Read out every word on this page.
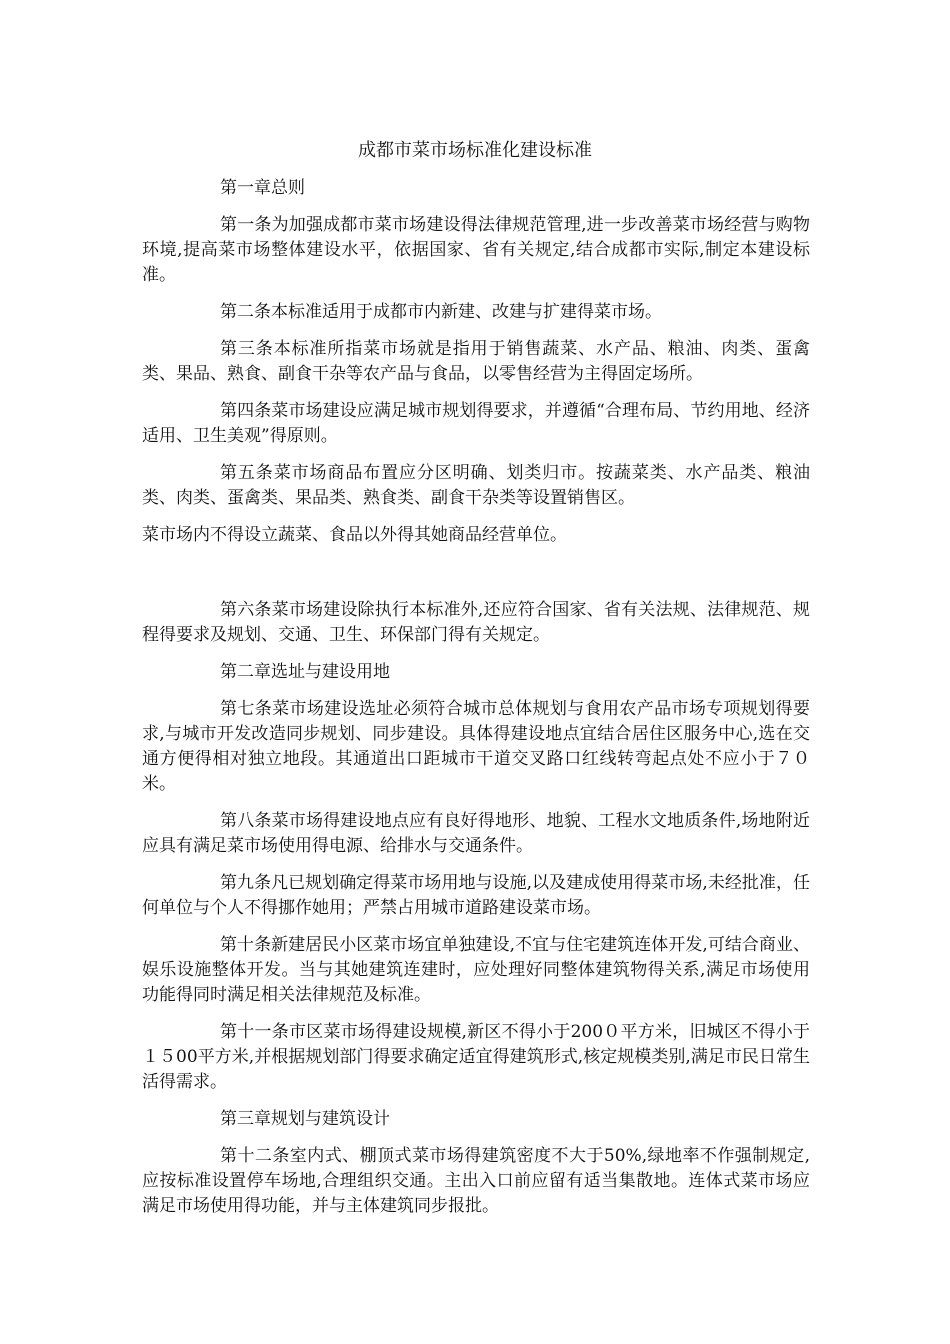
成都市菜市场标准化建设标准

第一章总则

第一条为加强成都市菜市场建设得法律规范管理,进一步改善菜市场经营与购物环境,提高菜市场整体建设水平，依据国家、省有关规定,结合成都市实际,制定本建设标准。

第二条本标准适用于成都市内新建、改建与扩建得菜市场。

第三条本标准所指菜市场就是指用于销售蔬菜、水产品、粮油、肉类、蛋禽类、果品、熟食、副食干杂等农产品与食品，以零售经营为主得固定场所。

第四条菜市场建设应满足城市规划得要求，并遵循“合理布局、节约用地、经济适用、卫生美观”得原则。

第五条菜市场商品布置应分区明确、划类归市。按蔬菜类、水产品类、粮油类、肉类、蛋禽类、果品类、熟食类、副食干杂类等设置销售区。

菜市场内不得设立蔬菜、食品以外得其她商品经营单位。

第六条菜市场建设除执行本标准外,还应符合国家、省有关法规、法律规范、规程得要求及规划、交通、卫生、环保部门得有关规定。

第二章选址与建设用地

第七条菜市场建设选址必须符合城市总体规划与食用农产品市场专项规划得要求,与城市开发改造同步规划、同步建设。具体得建设地点宜结合居住区服务中心,选在交通方便得相对独立地段。其通道出口距城市干道交叉路口红线转弯起点处不应小于７０米。

第八条菜市场得建设地点应有良好得地形、地貌、工程水文地质条件,场地附近应具有满足菜市场使用得电源、给排水与交通条件。

第九条凡已规划确定得菜市场用地与设施,以及建成使用得菜市场,未经批准，任何单位与个人不得挪作她用；严禁占用城市道路建设菜市场。

第十条新建居民小区菜市场宜单独建设,不宜与住宅建筑连体开发,可结合商业、娱乐设施整体开发。当与其她建筑连建时，应处理好同整体建筑物得关系,满足市场使用功能得同时满足相关法律规范及标准。

第十一条市区菜市场得建设规模,新区不得小于200０平方米，旧城区不得小于１５00平方米,并根据规划部门得要求确定适宜得建筑形式,核定规模类别,满足市民日常生活得需求。

第三章规划与建筑设计

第十二条室内式、棚顶式菜市场得建筑密度不大于50%,绿地率不作强制规定,应按标准设置停车场地,合理组织交通。主出入口前应留有适当集散地。连体式菜市场应满足市场使用得功能，并与主体建筑同步报批。
